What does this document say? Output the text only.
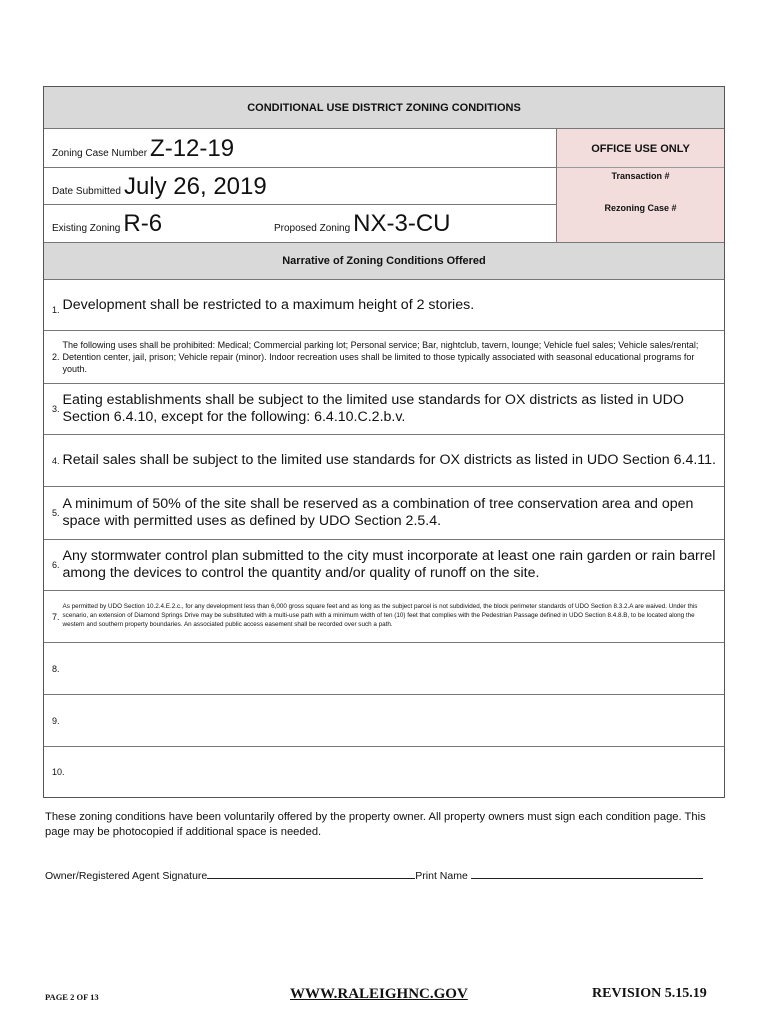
CONDITIONAL USE DISTRICT ZONING CONDITIONS
Zoning Case Number Z-12-19
Date Submitted July 26, 2019
Existing Zoning R-6	Proposed Zoning NX-3-CU
OFFICE USE ONLY
Transaction #
Rezoning Case #
Narrative of Zoning Conditions Offered
1. Development shall be restricted to a maximum height of 2 stories.
2.
The following uses shall be prohibited: Medical; Commercial parking lot; Personal service; Bar, nightclub, tavern, lounge; Vehicle fuel sales; Vehicle sales/rental; Detention center, jail, prison; Vehicle repair (minor). Indoor recreation uses shall be limited to those typically associated with seasonal educational programs for youth.
3.
Eating establishments shall be subject to the limited use standards for OX districts as listed in UDO Section 6.4.10, except for the following: 6.4.10.C.2.b.v.
4. Retail sales shall be subject to the limited use standards for OX districts as listed in UDO Section 6.4.11.
5.
A minimum of 50% of the site shall be reserved as a combination of tree conservation area and open space with permitted uses as defined by UDO Section 2.5.4.
6.
Any stormwater control plan submitted to the city must incorporate at least one rain garden or rain barrel among the devices to control the quantity and/or quality of runoff on the site.
7.
As permitted by UDO Section 10.2.4.E.2.c., for any development less than 6,000 gross square feet and as long as the subject parcel is not subdivided, the block perimeter standards of UDO Section 8.3.2.A are waived. Under this scenario, an extension of Diamond Springs Drive may be substituted with a multi-use path with a minimum width of ten (10) feet that complies with the Pedestrian Passage defined in UDO Section 8.4.8.B, to be located along the western and southern property boundaries. An associated public access easement shall be recorded over such a path.
8.
9.
10.
These zoning conditions have been voluntarily offered by the property owner. All property owners must sign each condition page. This page may be photocopied if additional space is needed.
Owner/Registered Agent Signature	Print Name
PAGE 2 OF 13	WWW.RALEIGHNC.GOV	REVISION 5.15.19
